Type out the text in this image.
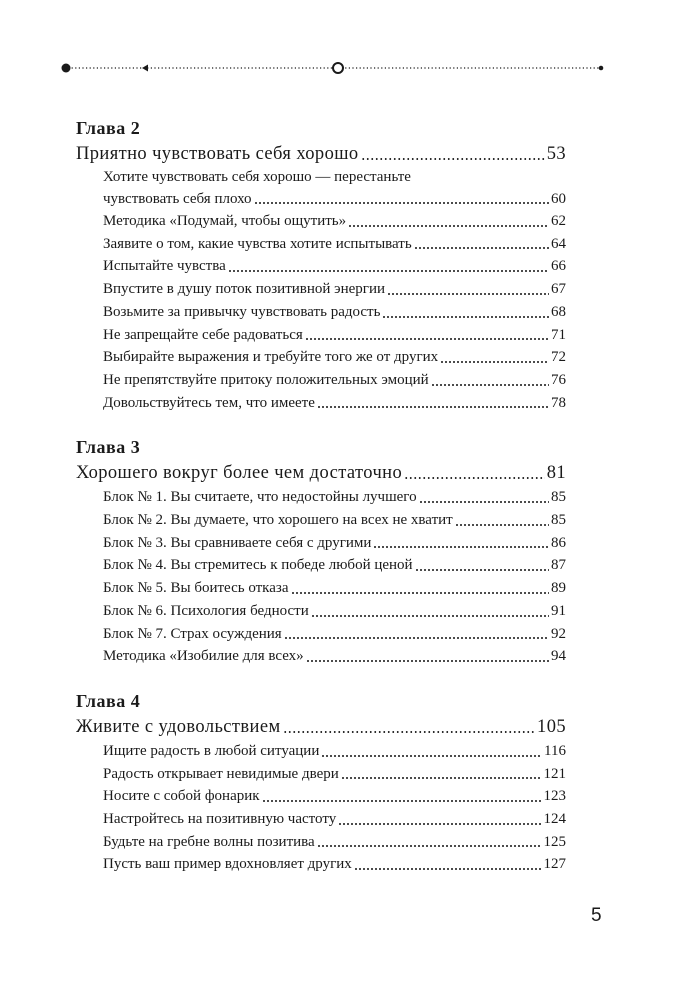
Глава 2
Приятно чувствовать себя хорошо	53
Хотите чувствовать себя хорошо — перестаньте
чувствовать себя плохо	60
Методика «Подумай, чтобы ощутить»	62
Заявите о том, какие чувства хотите испытывать	64
Испытайте чувства	66
Впустите в душу поток позитивной энергии	67
Возьмите за привычку чувствовать радость	68
Не запрещайте себе радоваться	71
Выбирайте выражения и требуйте того же от других	72
Не препятствуйте притоку положительных эмоций	76
Довольствуйтесь тем, что имеете	78
Глава 3
Хорошего вокруг более чем достаточно	81
Блок № 1. Вы считаете, что недостойны лучшего	85
Блок № 2. Вы думаете, что хорошего на всех не хватит	85
Блок № 3. Вы сравниваете себя с другими	86
Блок № 4. Вы стремитесь к победе любой ценой	87
Блок № 5. Вы боитесь отказа	89
Блок № 6. Психология бедности	91
Блок № 7. Страх осуждения	92
Методика «Изобилие для всех»	94
Глава 4
Живите с удовольствием	105
Ищите радость в любой ситуации	116
Радость открывает невидимые двери	121
Носите с собой фонарик	123
Настройтесь на позитивную частоту	124
Будьте на гребне волны позитива	125
Пусть ваш пример вдохновляет других	127
5
